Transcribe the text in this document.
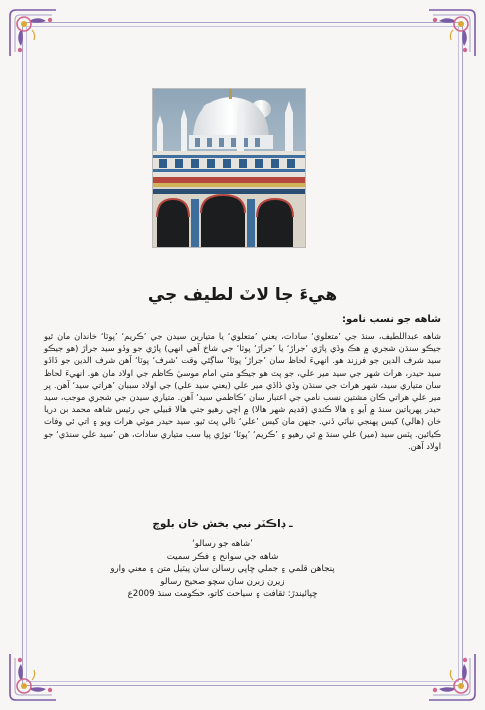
هيءَ جا لاٽ لطيف جي
شاهه جو نسب نامو:

شاهه عبداللطيف، سنڌ جي ’متعلوي‘ سادات، يعني ’متعلوي‘ يا متيارين سيدن جي ’ڪريم‘ ’پوٽا‘ خاندان مان ٿيو جيڪو سنڌن شجري ۾ هڪ وڏي پاڙي ’جراڙ‘ يا ’جراڙ‘ پوٽا‘ جي شاخ آهي انهي) پاڙي جو وڏو سيد جراڙ (هو جيڪو سيد شرف الدين جو فرزند هو. انهيءَ لحاظ سان ’جراڙ‘ پوٽا‘ ساڳئي وقت ’شرف‘ پوٽا‘ آهن شرف الدين جو ڏاڏو سيد حيدر، هرات شهر جي سيد مير علي، جو پٽ هو جيڪو متي امام موسيٰ ڪاظم جي اولاد مان هو. انهيءَ لحاظ سان متياري سيد، شهر هرات جي سنڌن وڏي ڏاڏي مير علي (يعني سيد علي) جي اولاد سببان ’هراتي سيد‘ آهن. پر مير علي هراتي ڪان مشتين نسب نامي جي اعتبار سان ’ڪاظمي سيد‘ آهن. متياري سيدن جي شجري موجب، سيد حيدر پهرياتين سنڌ ۾ آيو ۽ هالا ڪندي (قديم شهر هالا) ۾ اچي رهيو جتي هالا قبيلي جي رئيس شاهه محمد بن دريا خان (هالي) کيس پهنجي نياٽي ڏني. جنهن مان کيس ’علي‘ نالي پٽ ٿيو. سيد حيدر موٽي هرات ويو ۽ اتي ئي وفات ڪيائين. پٽس سيد (مير) علي سنڌ ۾ ئي رهيو ۽ ’ڪريم‘ ’پوٽا‘ توڙي پيا سب متياري سادات، هن ’سيد علي سنڌي‘ جو اولاد آهن.

ـ ڊاڪٽر نبي بخش خان بلوچ
’شاهه جو رسالو‘
شاهه جي سوانح ۽ فڪر سميت
پنجاهن قلمي ۽ جملي ڇاپي رسالن سان پيٽيل متن ۽ معني وارو
زيرن زبرن سان سچو صحيح رسالو
ڇپائيندڙ: ثقافت ۽ سياحت کاتو، حڪومت سنڌ 2009ع
